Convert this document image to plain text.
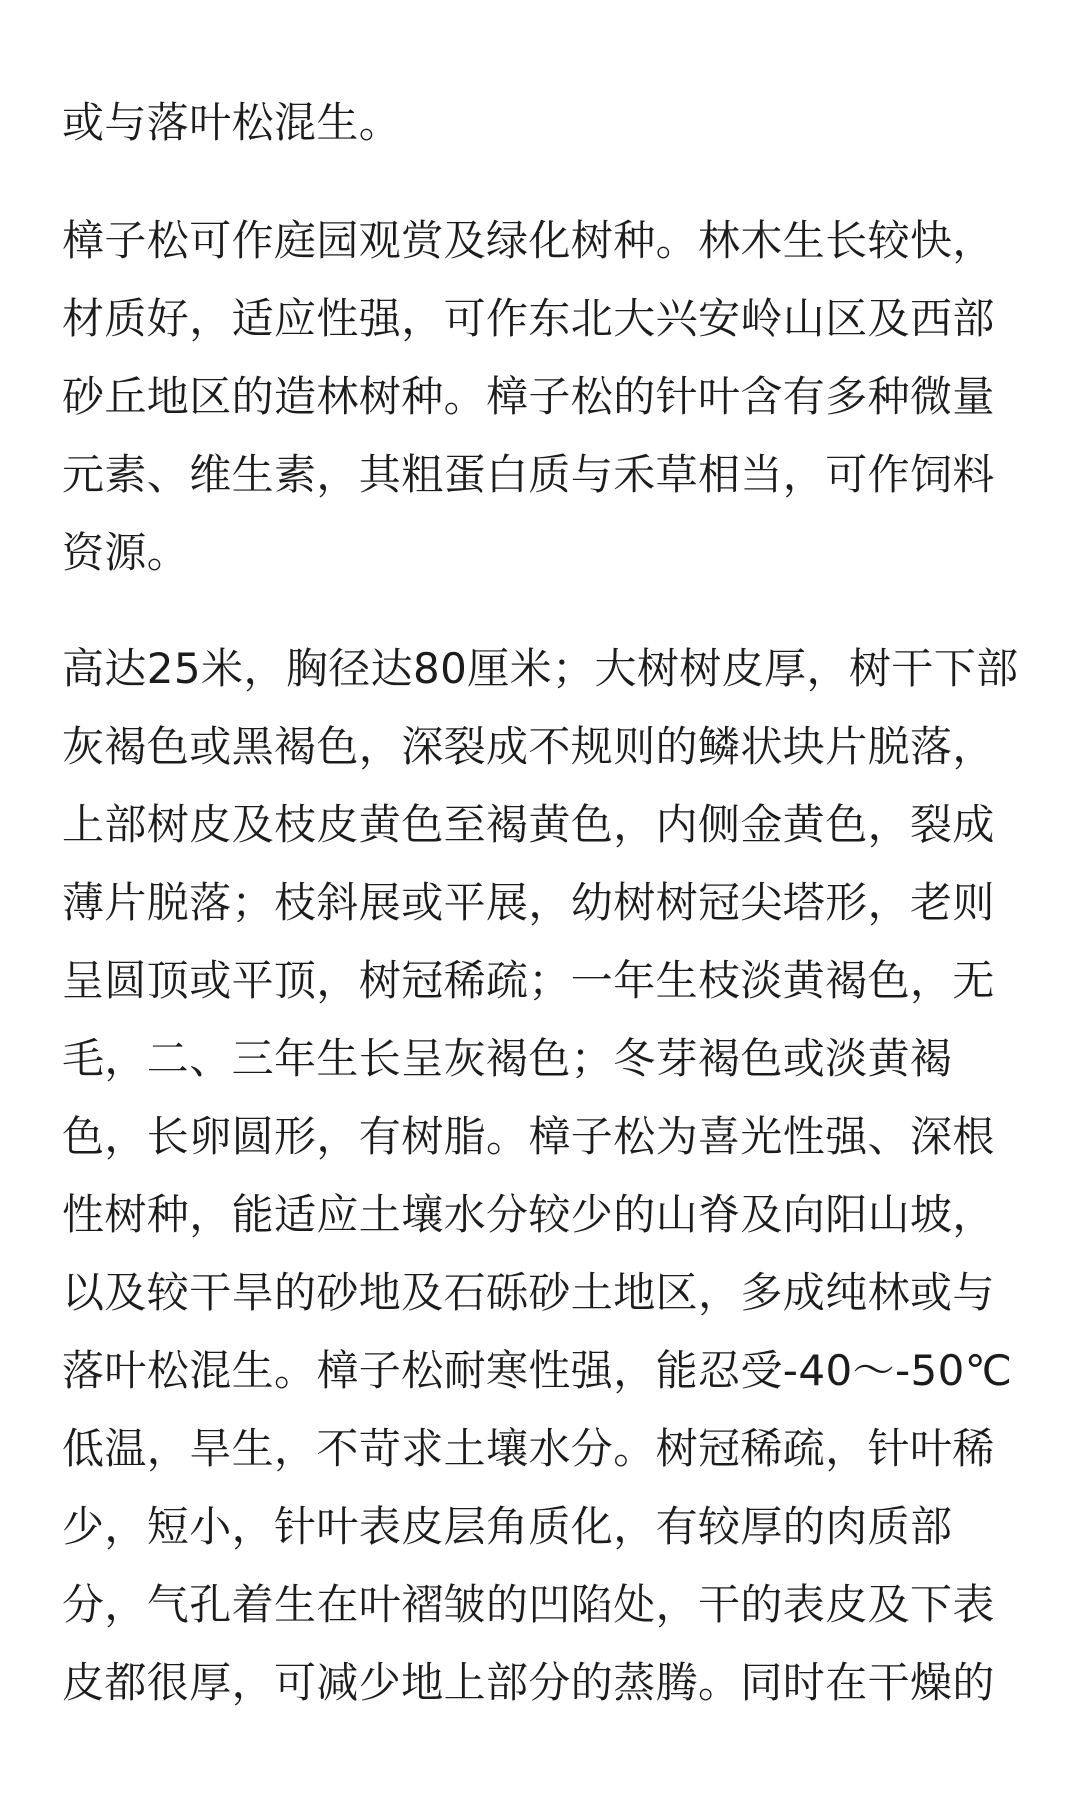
或与落叶松混生。
樟子松可作庭园观赏及绿化树种。林木生长较快，
材质好，适应性强，可作东北大兴安岭山区及西部
砂丘地区的造林树种。樟子松的针叶含有多种微量
元素、维生素，其粗蛋白质与禾草相当，可作饲料
资源。
高达25米，胸径达80厘米；大树树皮厚，树干下部
灰褐色或黑褐色，深裂成不规则的鳞状块片脱落，
上部树皮及枝皮黄色至褐黄色，内侧金黄色，裂成
薄片脱落；枝斜展或平展，幼树树冠尖塔形，老则
呈圆顶或平顶，树冠稀疏；一年生枝淡黄褐色，无
毛，二、三年生长呈灰褐色；冬芽褐色或淡黄褐
色，长卵圆形，有树脂。樟子松为喜光性强、深根
性树种，能适应土壤水分较少的山脊及向阳山坡，
以及较干旱的砂地及石砾砂土地区，多成纯林或与
落叶松混生。樟子松耐寒性强，能忍受-40～-50℃
低温，旱生，不苛求土壤水分。树冠稀疏，针叶稀
少，短小，针叶表皮层角质化，有较厚的肉质部
分，气孔着生在叶褶皱的凹陷处，干的表皮及下表
皮都很厚，可减少地上部分的蒸腾。同时在干燥的
